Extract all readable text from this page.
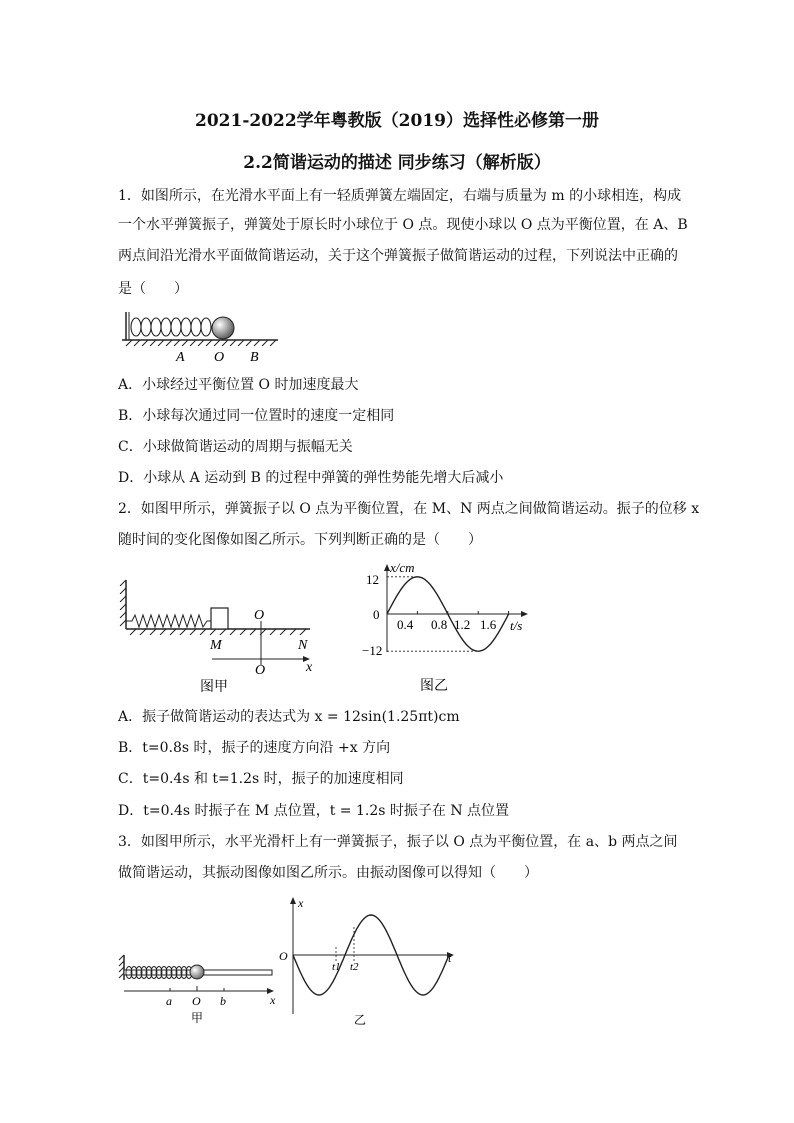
2021-2022学年粤教版（2019）选择性必修第一册
2.2简谐运动的描述 同步练习（解析版）
1．如图所示，在光滑水平面上有一轻质弹簧左端固定，右端与质量为 m 的小球相连，构成
一个水平弹簧振子，弹簧处于原长时小球位于 O 点。现使小球以 O 点为平衡位置，在 A、B
两点间沿光滑水平面做简谐运动，关于这个弹簧振子做简谐运动的过程，下列说法中正确的
是（　　）
A O B
A．小球经过平衡位置 O 时加速度最大
B．小球每次通过同一位置时的速度一定相同
C．小球做简谐运动的周期与振幅无关
D．小球从 A 运动到 B 的过程中弹簧的弹性势能先增大后减小
2．如图甲所示，弹簧振子以 O 点为平衡位置，在 M、N 两点之间做简谐运动。振子的位移 x
随时间的变化图像如图乙所示。下列判断正确的是（　　）
O
M	N
O	x
图甲
x/cm
t/s
12
0
−12
0.4 0.8 1.2 1.6
图乙
A．振子做简谐运动的表达式为 x = 12sin(1.25πt)cm
B．t=0.8s 时，振子的速度方向沿 +x 方向
C．t=0.4s 和 t=1.2s 时，振子的加速度相同
D．t=0.4s 时振子在 M 点位置，t = 1.2s 时振子在 N 点位置
3．如图甲所示，水平光滑杆上有一弹簧振子，振子以 O 点为平衡位置，在 a、b 两点之间
做简谐运动，其振动图像如图乙所示。由振动图像可以得知（　　）
a O b	x
甲
x
O	t
t1 t2
乙
